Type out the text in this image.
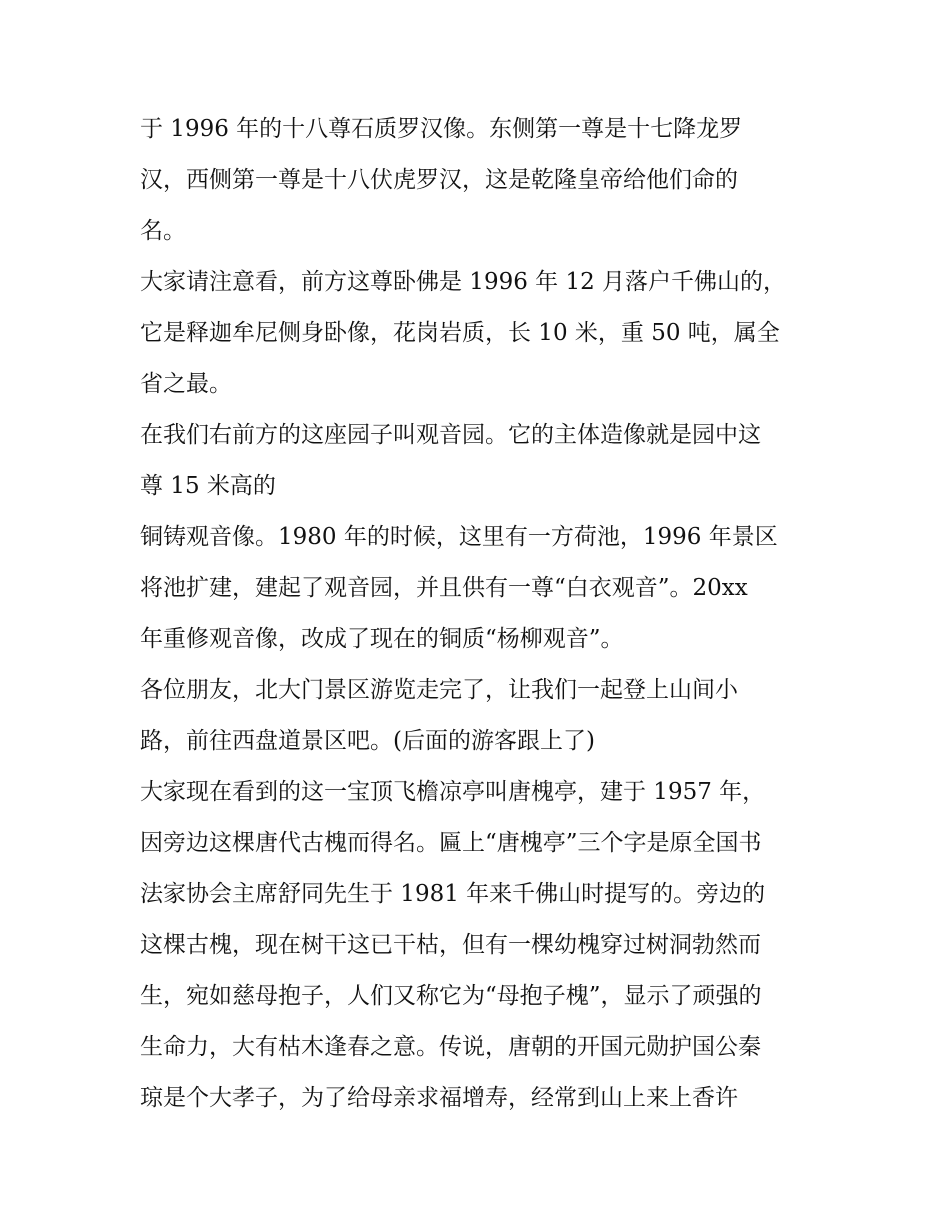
于 1996 年的十八尊石质罗汉像。东侧第一尊是十七降龙罗
汉，西侧第一尊是十八伏虎罗汉，这是乾隆皇帝给他们命的
名。
大家请注意看，前方这尊卧佛是 1996 年 12 月落户千佛山的，
它是释迦牟尼侧身卧像，花岗岩质，长 10 米，重 50 吨，属全
省之最。
在我们右前方的这座园子叫观音园。它的主体造像就是园中这
尊 15 米高的
铜铸观音像。1980 年的时候，这里有一方荷池，1996 年景区
将池扩建，建起了观音园，并且供有一尊“白衣观音”。20xx
年重修观音像，改成了现在的铜质“杨柳观音”。
各位朋友，北大门景区游览走完了，让我们一起登上山间小
路，前往西盘道景区吧。(后面的游客跟上了)
大家现在看到的这一宝顶飞檐凉亭叫唐槐亭，建于 1957 年，
因旁边这棵唐代古槐而得名。匾上“唐槐亭”三个字是原全国书
法家协会主席舒同先生于 1981 年来千佛山时提写的。旁边的
这棵古槐，现在树干这已干枯，但有一棵幼槐穿过树洞勃然而
生，宛如慈母抱子，人们又称它为“母抱子槐”，显示了顽强的
生命力，大有枯木逢春之意。传说，唐朝的开国元勋护国公秦
琼是个大孝子，为了给母亲求福增寿，经常到山上来上香许
